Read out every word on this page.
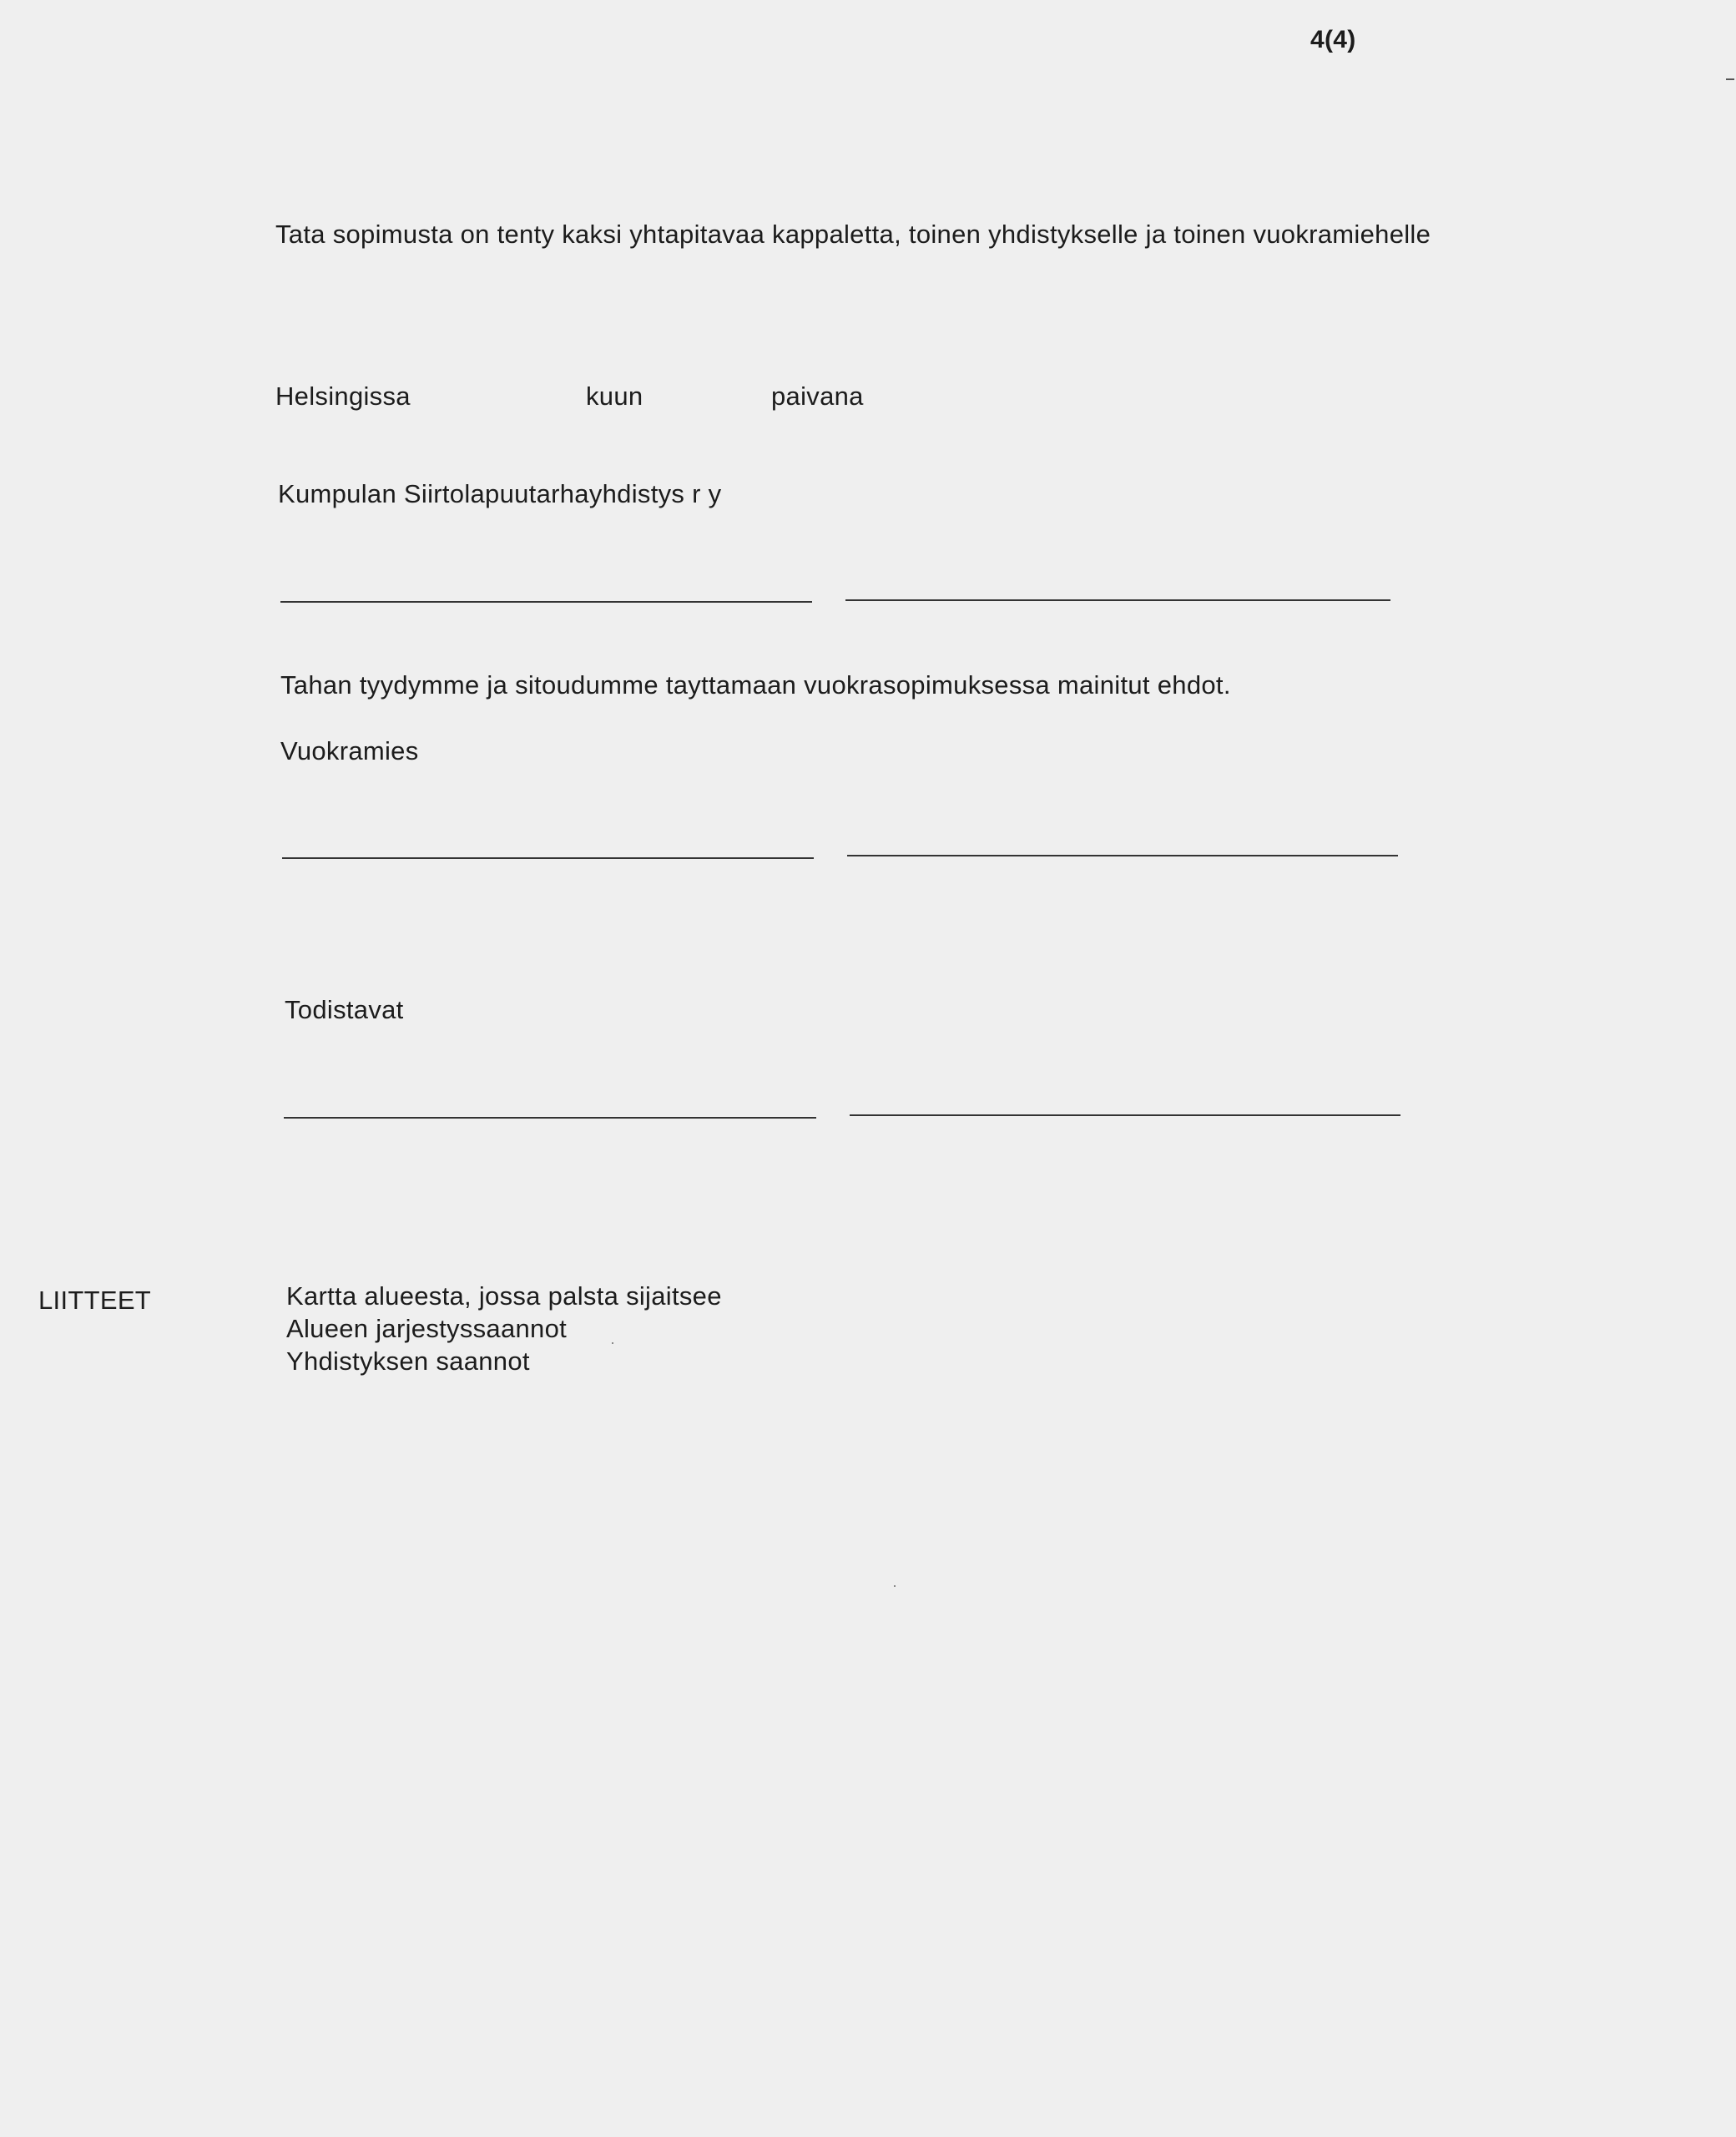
4(4)
Tata sopimusta on tenty kaksi yhtapitavaa kappaletta, toinen yhdistykselle ja toinen vuokramiehelle
Helsingissa	kuun	paivana
Kumpulan Siirtolapuutarhayhdistys r y
Tahan tyydymme ja sitoudumme tayttamaan vuokrasopimuksessa mainitut ehdot.
Vuokramies
Todistavat
LIITTEET	Kartta alueesta, jossa palsta sijaitsee
Alueen jarjestyssaannot
Yhdistyksen saannot
